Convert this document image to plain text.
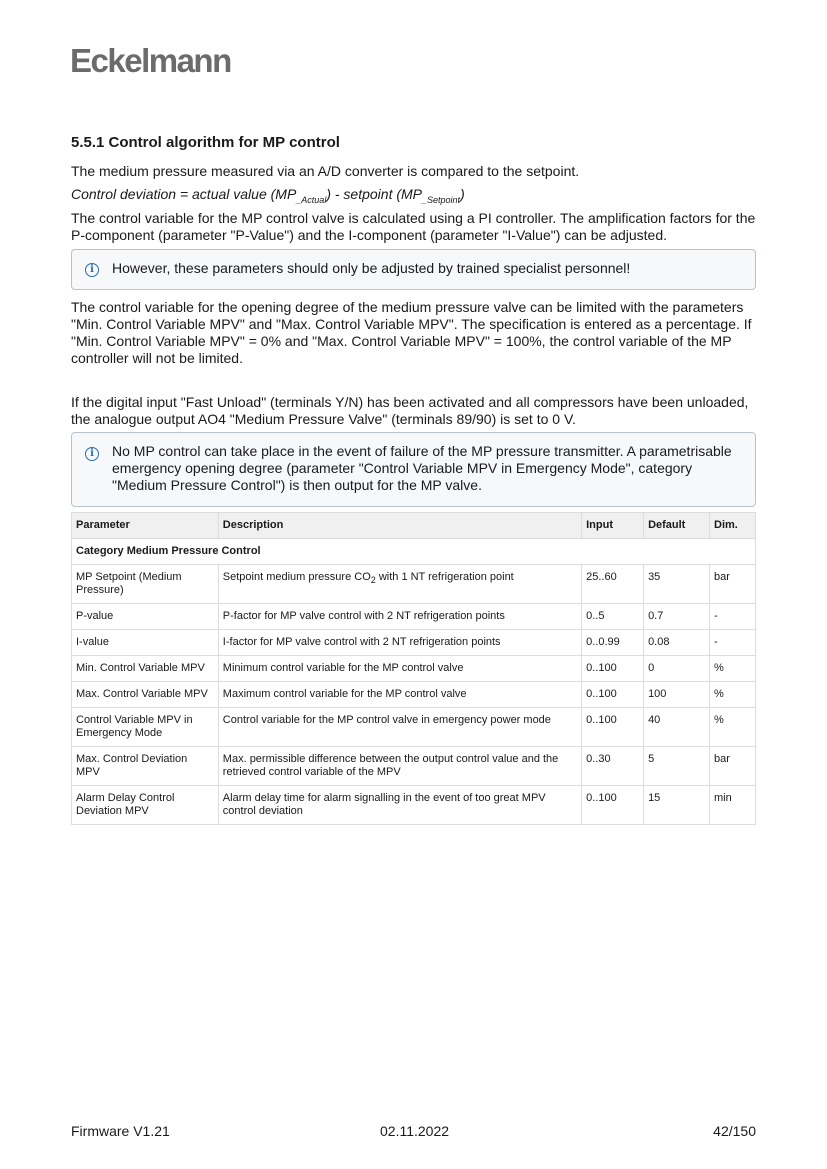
Eckelmann
5.5.1 Control algorithm for MP control

The medium pressure measured via an A/D converter is compared to the setpoint.

Control deviation = actual value $(MP_{\_Actual})$ - setpoint $(MP_{\_Setpoint})$

The control variable for the MP control valve is calculated using a PI controller. The amplification factors for the P-component (parameter "P-Value") and the I-component (parameter "I-Value") can be adjusted.

i	However, these parameters should only be adjusted by trained specialist personnel!

The control variable for the opening degree of the medium pressure valve can be limited with the parameters "Min. Control Variable MPV" and "Max. Control Variable MPV". The specification is entered as a percentage. If "Min. Control Variable MPV" = 0% and "Max. Control Variable MPV" = 100%, the control variable of the MP controller will not be limited.

If the digital input "Fast Unload" (terminals Y/N) has been activated and all compressors have been unloaded, the analogue output AO4 "Medium Pressure Valve" (terminals 89/90) is set to 0 V.

i	No MP control can take place in the event of failure of the MP pressure transmitter. A parametrisable emergency opening degree (parameter "Control Variable MPV in Emergency Mode", category "Medium Pressure Control") is then output for the MP valve.
Parameter	Description	Input	Default	Dim.
Category Medium Pressure Control				
MP Setpoint (Medium Pressure)	Setpoint medium pressure $CO_2$ with 1 NT refrigeration point	25..60	35	bar
P-value	P-factor for MP valve control with 2 NT refrigeration points	0..5	0.7	-
I-value	I-factor for MP valve control with 2 NT refrigeration points	0..0.99	0.08	-
Min. Control Variable MPV	Minimum control variable for the MP control valve	0..100	0	%
Max. Control Variable MPV	Maximum control variable for the MP control valve	0..100	100	%
Control Variable MPV in Emergency Mode	Control variable for the MP control valve in emergency power mode	0..100	40	%
Max. Control Deviation MPV	Max. permissible difference between the output control value and the retrieved control variable of the MPV	0..30	5	bar
Alarm Delay Control Deviation MPV	Alarm delay time for alarm signalling in the event of too great MPV control deviation	0..100	15	min
Firmware V1.21	02.11.2022	42/150
